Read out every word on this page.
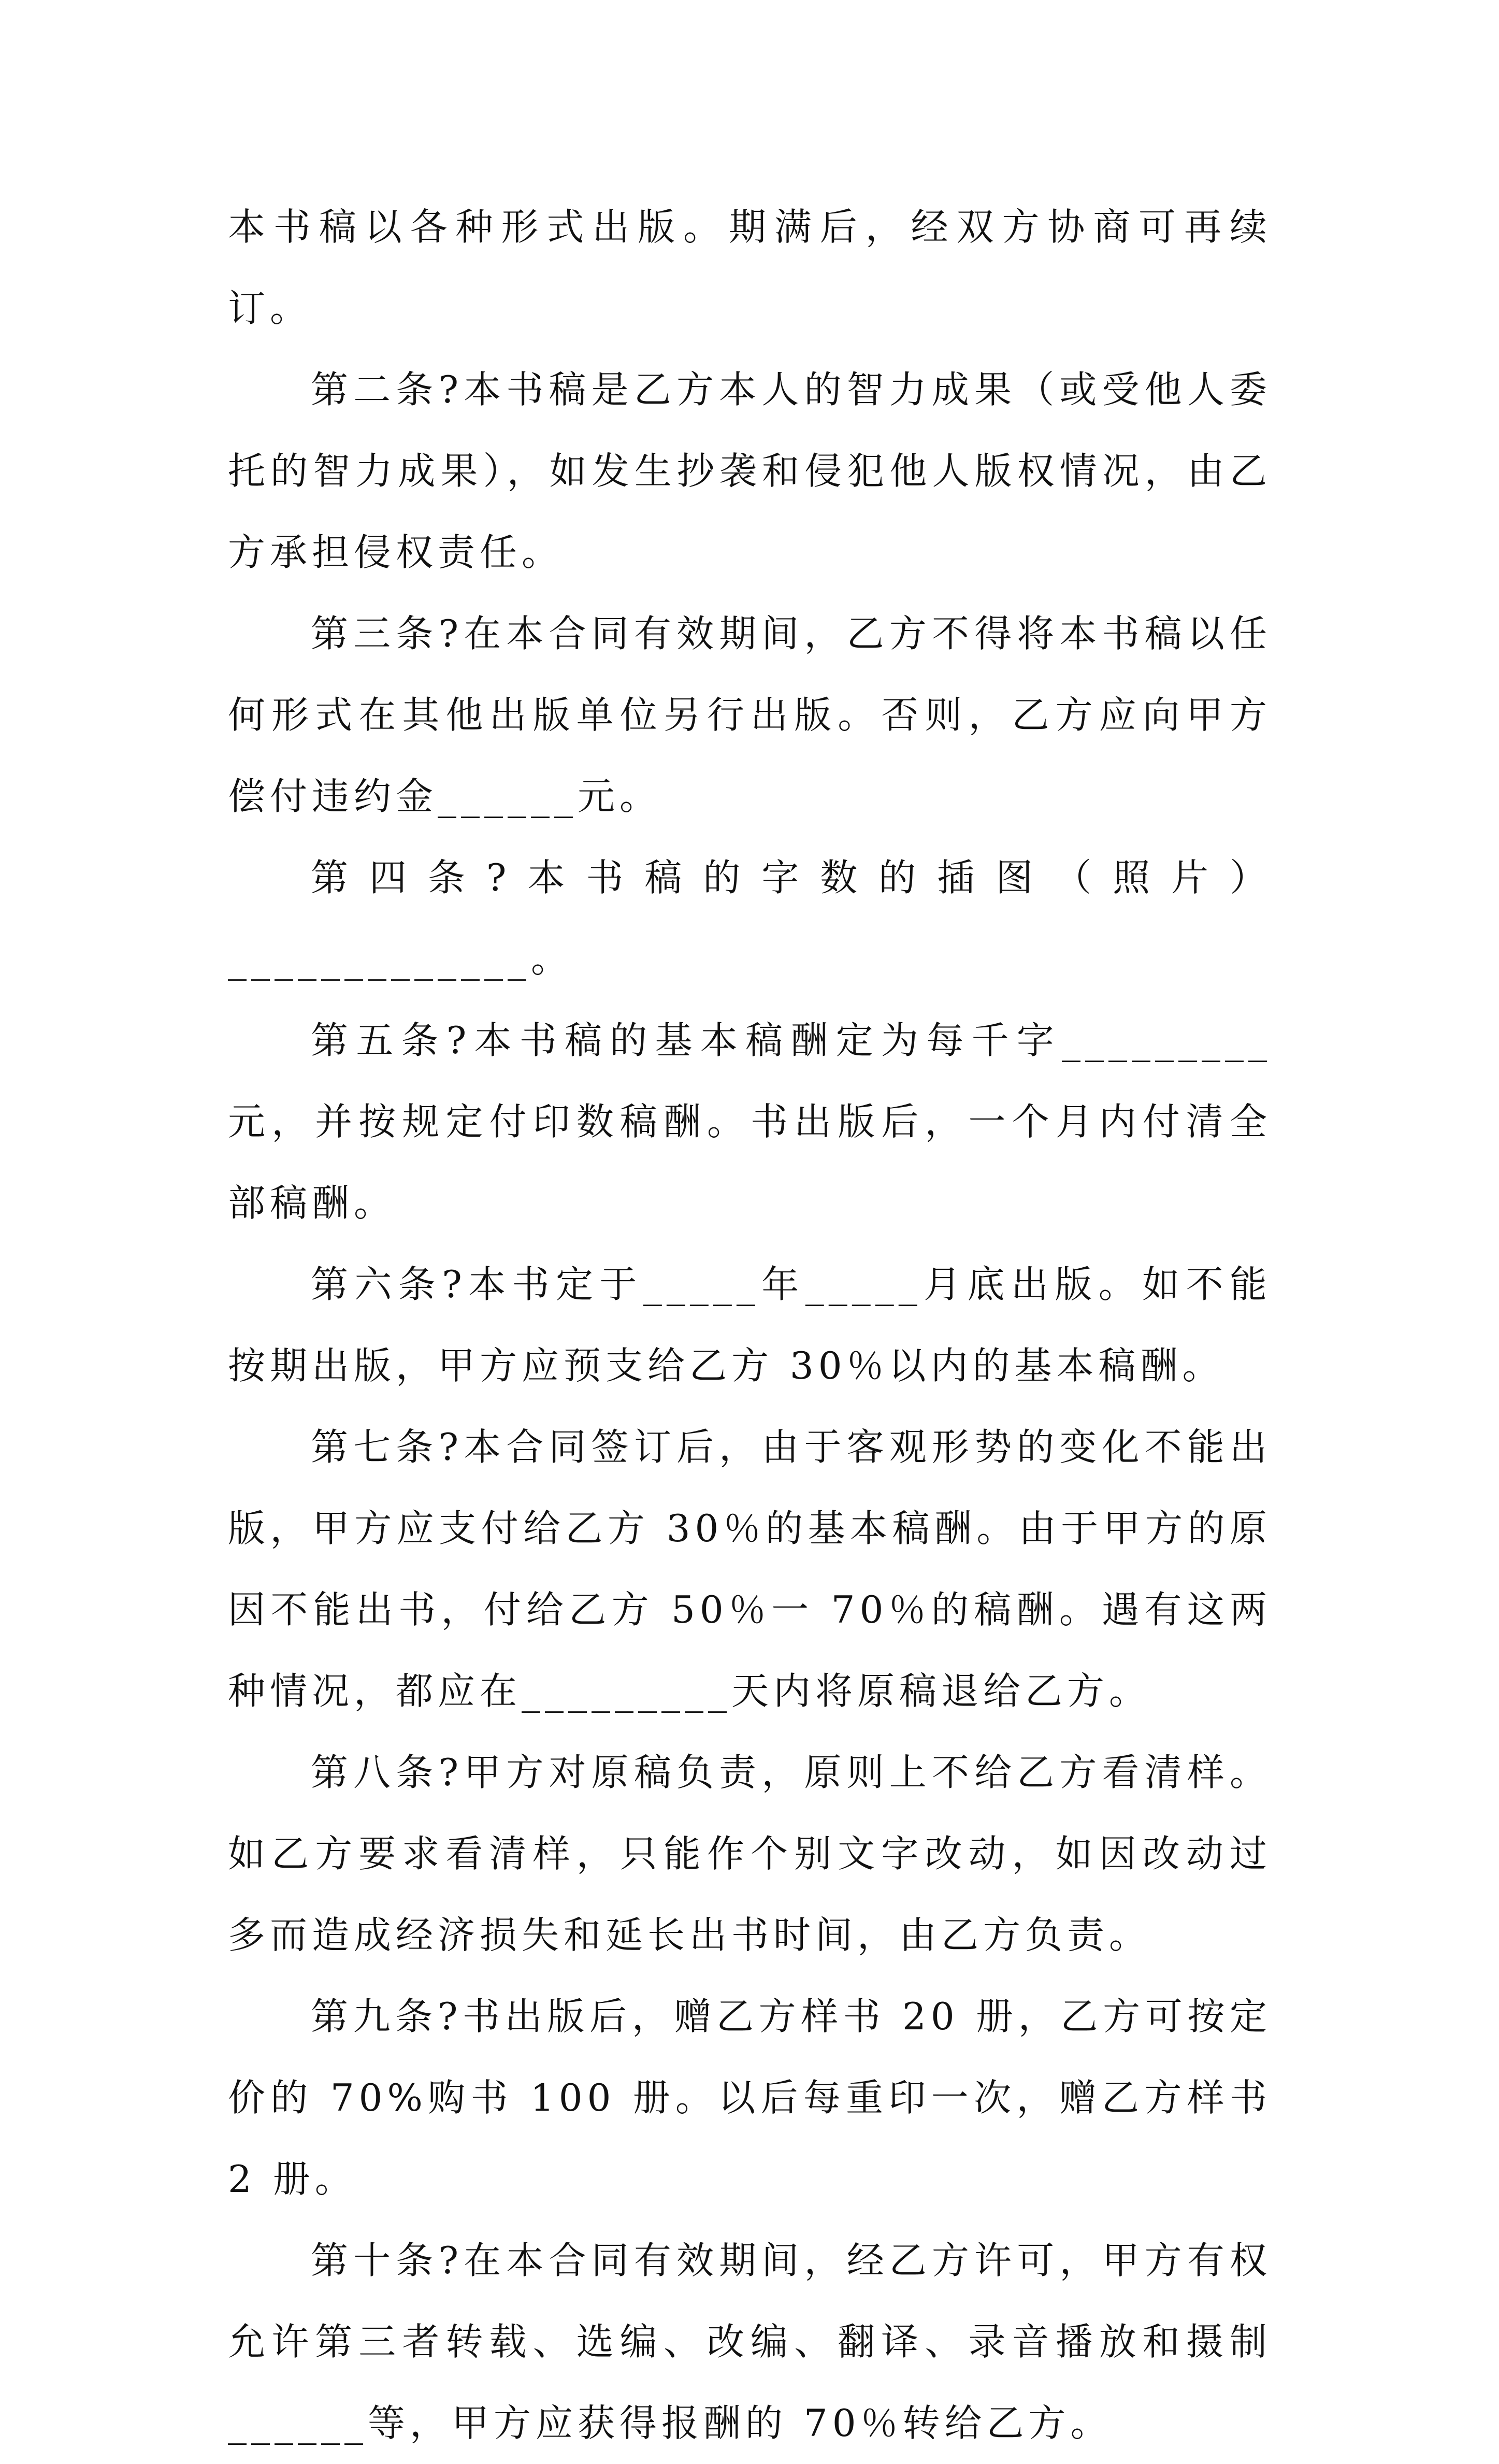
本书稿以各种形式出版。期满后，经双方协商可再续订。

第二条?本书稿是乙方本人的智力成果（或受他人委托的智力成果），如发生抄袭和侵犯他人版权情况，由乙方承担侵权责任。

第三条?在本合同有效期间，乙方不得将本书稿以任何形式在其他出版单位另行出版。否则，乙方应向甲方偿付违约金______元。

第四条?本书稿的字数的插图（照片）_____________。

第五条?本书稿的基本稿酬定为每千字_________元，并按规定付印数稿酬。书出版后，一个月内付清全部稿酬。

第六条?本书定于_____年_____月底出版。如不能按期出版，甲方应预支给乙方 30％以内的基本稿酬。

第七条?本合同签订后，由于客观形势的变化不能出版，甲方应支付给乙方 30％的基本稿酬。由于甲方的原因不能出书，付给乙方 50％一 70％的稿酬。遇有这两种情况，都应在_________天内将原稿退给乙方。

第八条?甲方对原稿负责，原则上不给乙方看清样。如乙方要求看清样，只能作个别文字改动，如因改动过多而造成经济损失和延长出书时间，由乙方负责。

第九条?书出版后，赠乙方样书 20 册，乙方可按定价的 70%购书 100 册。以后每重印一次，赠乙方样书 2 册。

第十条?在本合同有效期间，经乙方许可，甲方有权允许第三者转载、选编、改编、翻译、录音播放和摄制______等，甲方应获得报酬的 70％转给乙方。
